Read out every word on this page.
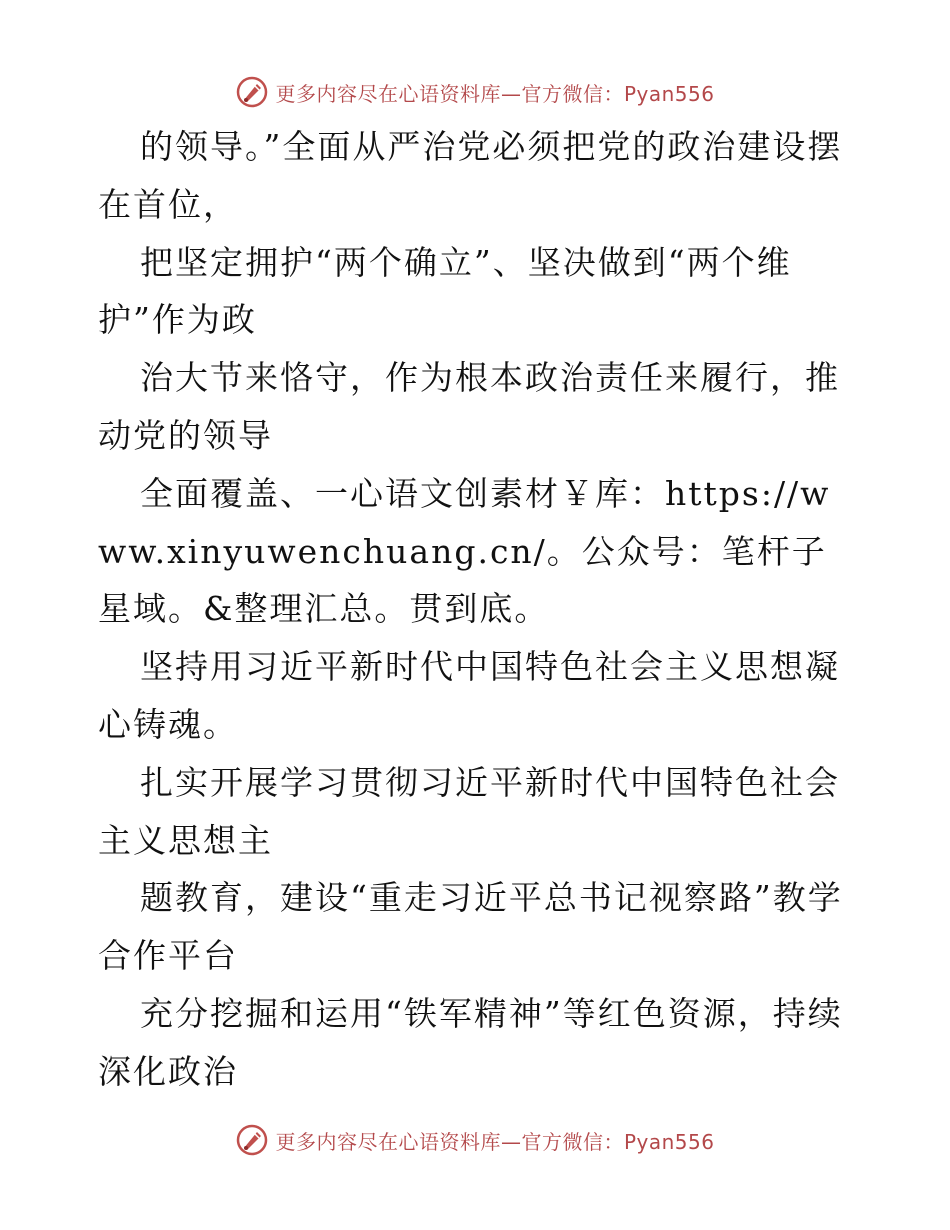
更多内容尽在心语资料库—官方微信：Pyan556

的领导。”全面从严治党必须把党的政治建设摆在首位，

把坚定拥护“两个确立”、坚决做到“两个维护”作为政

治大节来恪守，作为根本政治责任来履行，推动党的领导

全面覆盖、一心语文创素材￥库：https://www.xinyuwenchuang.cn/。公众号：笔杆子星域。&整理汇总。贯到底。

坚持用习近平新时代中国特色社会主义思想凝心铸魂。

扎实开展学习贯彻习近平新时代中国特色社会主义思想主

题教育，建设“重走习近平总书记视察路”教学合作平台

充分挖掘和运用“铁军精神”等红色资源，持续深化政治

更多内容尽在心语资料库—官方微信：Pyan556
